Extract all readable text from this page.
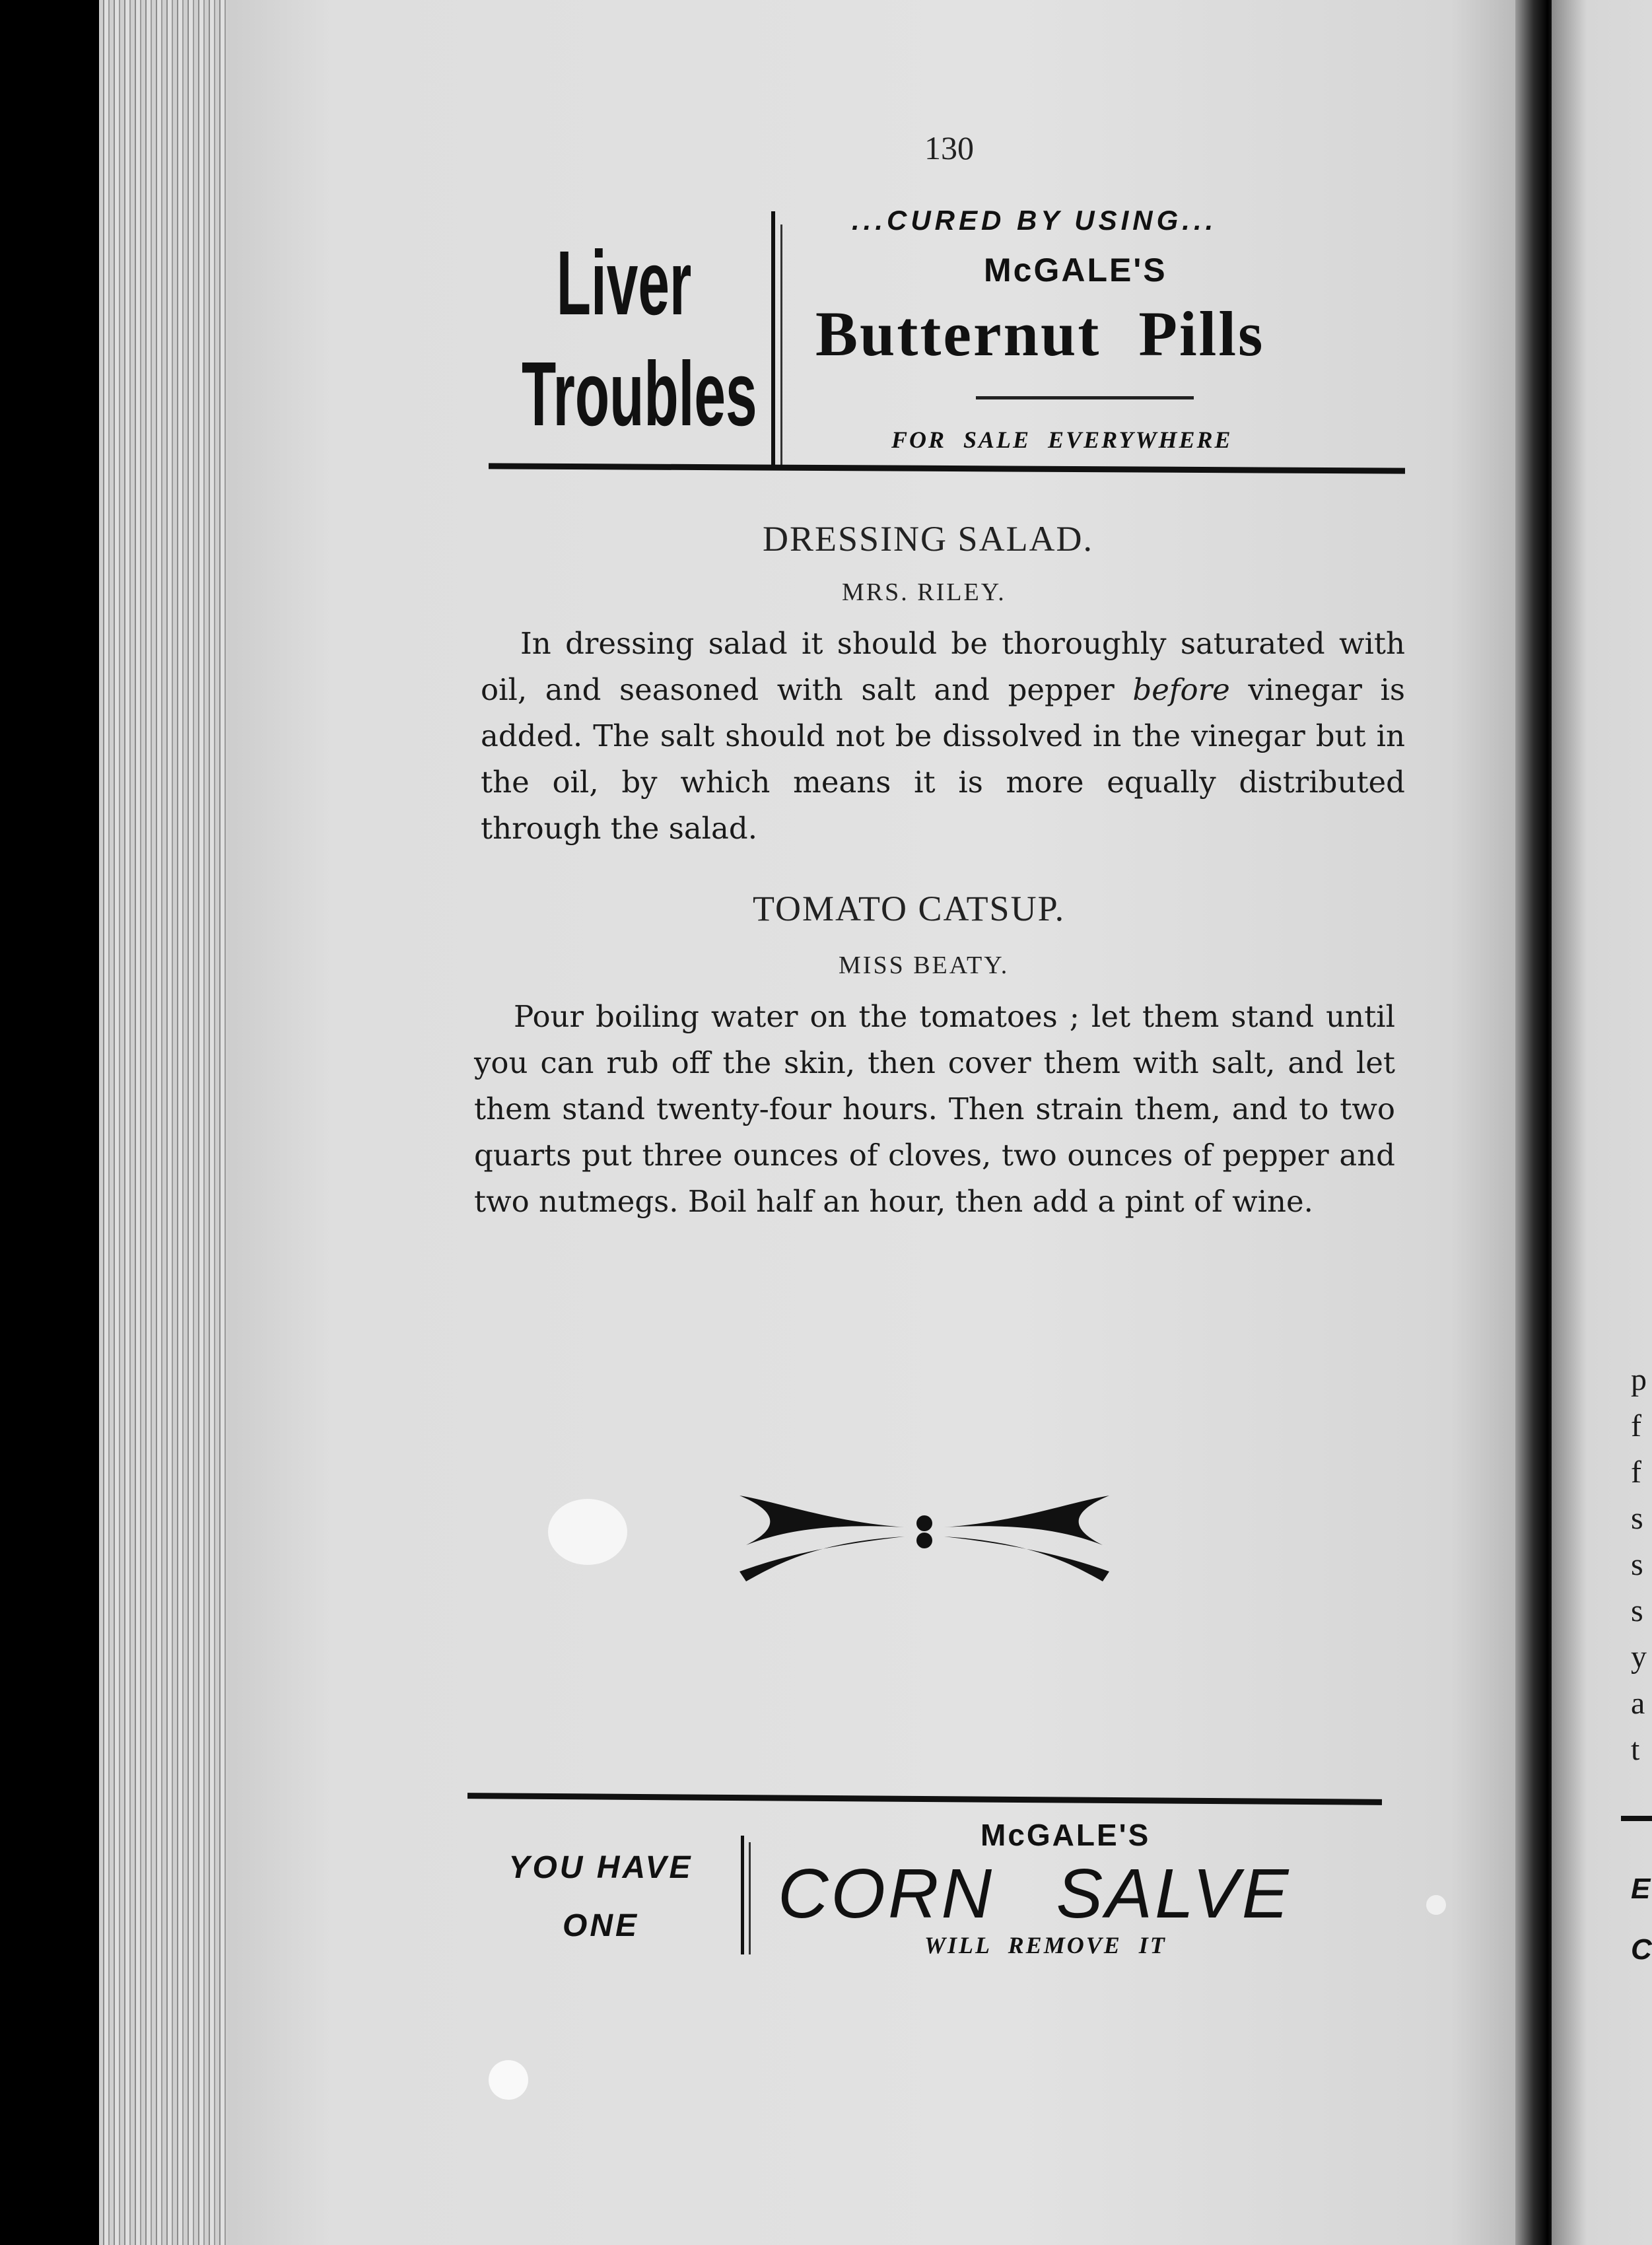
p
f
f
s
s
s
y
a
t
E
C
130
Liver
Troubles
...CURED BY USING...
McGALE'S
Butternut Pills
FOR SALE EVERYWHERE
DRESSING SALAD.
MRS. RILEY.

In dressing salad it should be thoroughly saturated with oil, and seasoned with salt and pepper before vinegar is added. The salt should not be dissolved in the vinegar but in the oil, by which means it is more equally distributed through the salad.

TOMATO CATSUP.
MISS BEATY.

Pour boiling water on the tomatoes ; let them stand until you can rub off the skin, then cover them with salt, and let them stand twenty-four hours. Then strain them, and to two quarts put three ounces of cloves, two ounces of pepper and two nutmegs. Boil half an hour, then add a pint of wine.

YOU HAVE
ONE
McGALE'S
CORN SALVE
WILL REMOVE IT
